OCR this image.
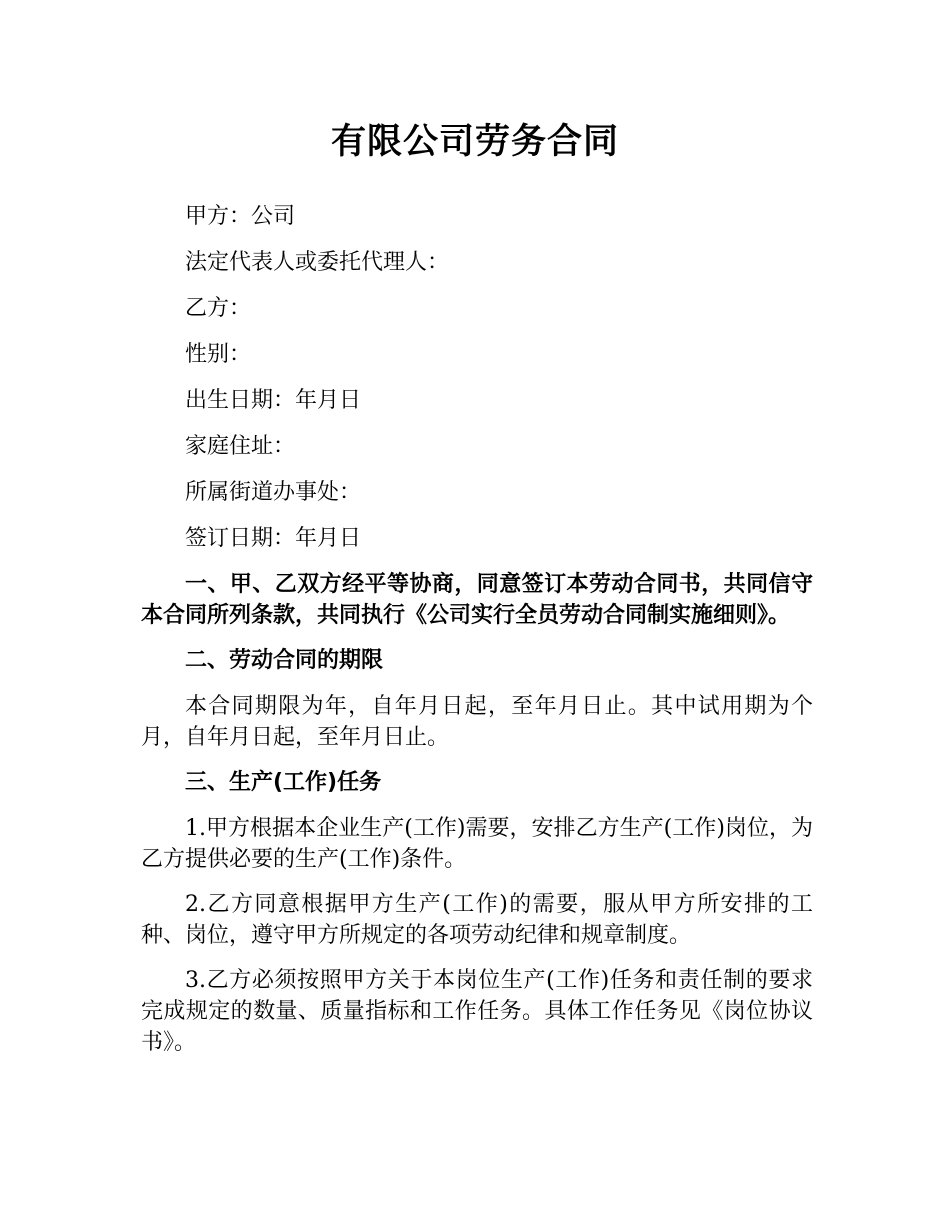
有限公司劳务合同

甲方：公司

法定代表人或委托代理人：

乙方：

性别：

出生日期：年月日

家庭住址：

所属街道办事处：

签订日期：年月日

一、甲、乙双方经平等协商，同意签订本劳动合同书，共同信守本合同所列条款，共同执行《公司实行全员劳动合同制实施细则》。

二、劳动合同的期限

本合同期限为年，自年月日起，至年月日止。其中试用期为个月，自年月日起，至年月日止。

三、生产(工作)任务

1.甲方根据本企业生产(工作)需要，安排乙方生产(工作)岗位，为乙方提供必要的生产(工作)条件。

2.乙方同意根据甲方生产(工作)的需要，服从甲方所安排的工种、岗位，遵守甲方所规定的各项劳动纪律和规章制度。

3.乙方必须按照甲方关于本岗位生产(工作)任务和责任制的要求完成规定的数量、质量指标和工作任务。具体工作任务见《岗位协议书》。
